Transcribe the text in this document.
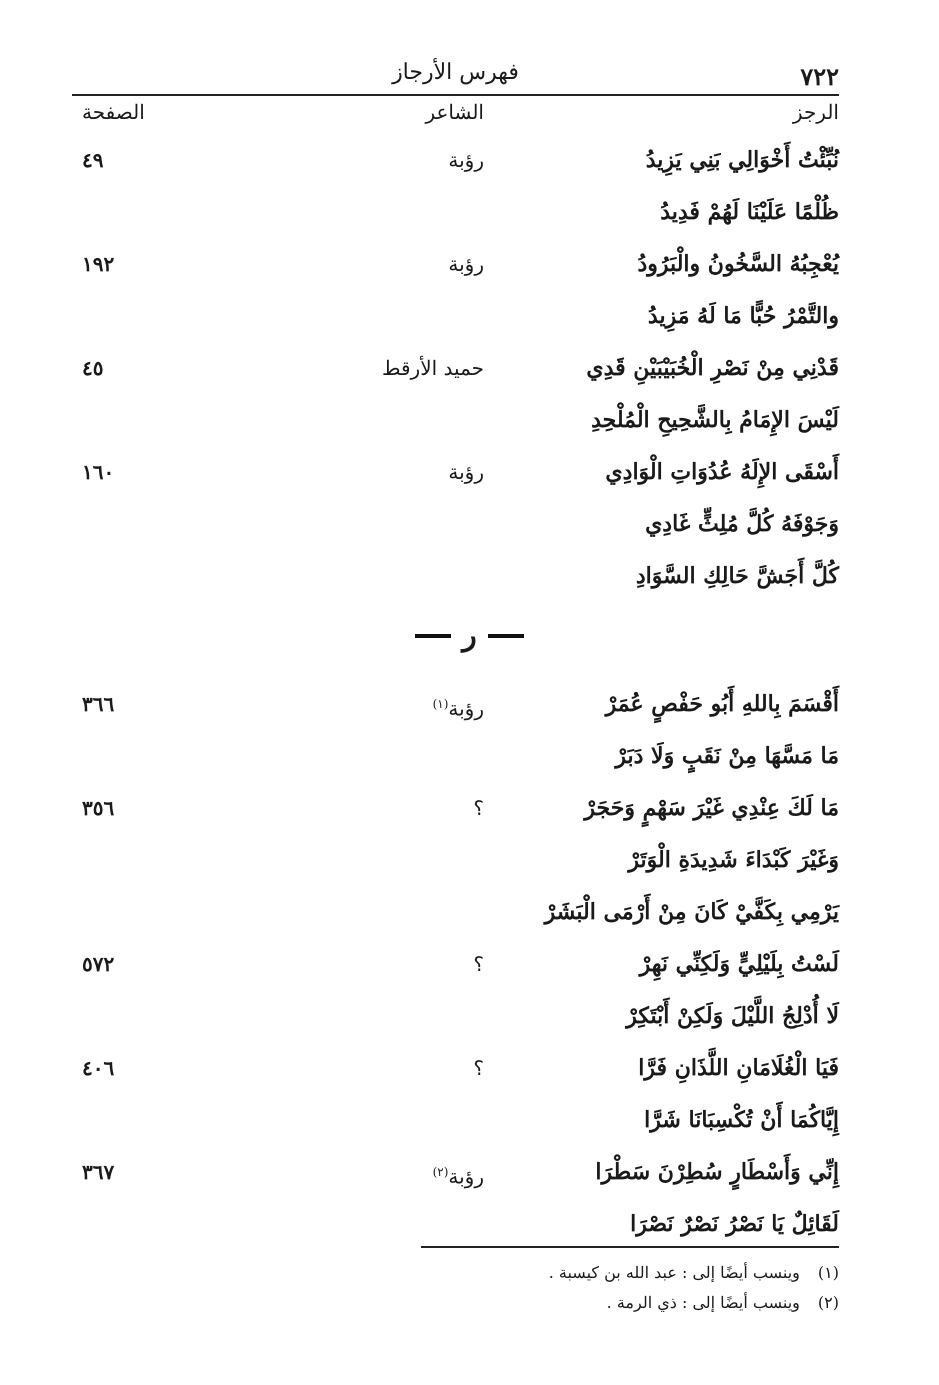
٧٢٢
فهرس الأرجاز
الرجز
الشاعر
الصفحة
نُبِّئْتُ أَخْوَالِي بَنِي يَزِيدُ
رؤبة
٤٩
ظُلْمًا عَلَيْنَا لَهُمْ فَدِيدُ
يُعْجِبُهُ السَّخُونُ والْبَرُودُ
رؤبة
١٩٢
والتَّمْرُ حُبًّا مَا لَهُ مَزِيدُ
قَدْنِي مِنْ نَصْرِ الْخُبَيْبَيْنِ قَدِي
حميد الأرقط
٤٥
لَيْسَ الإِمَامُ بِالشَّحِيحِ الْمُلْحِدِ
أَسْقَى الإِلَهُ عُدُوَاتِ الْوَادِي
رؤبة
١٦٠
وَجَوْفَهُ كُلَّ مُلِثٍّ غَادِي
كُلَّ أَجَشَّ حَالِكِ السَّوَادِ
ر
أَقْسَمَ بِاللهِ أَبُو حَفْصٍ عُمَرْ
رؤبة$^{(١)}$
٣٦٦
مَا مَسَّهَا مِنْ نَقَبٍ وَلَا دَبَرْ
مَا لَكَ عِنْدِي غَيْرَ سَهْمٍ وَحَجَرْ
؟
٣٥٦
وَغَيْرَ كَبْدَاءَ شَدِيدَةِ الْوَتَرْ
يَرْمِي بِكَفَّيْ كَانَ مِنْ أَرْمَى الْبَشَرْ
لَسْتُ بِلَيْلِيٍّ وَلَكِنِّي نَهِرْ
؟
٥٧٢
لَا أُدْلِجُ اللَّيْلَ وَلَكِنْ أَبْتَكِرْ
فَيَا الْغُلَامَانِ اللَّذَانِ فَرَّا
؟
٤٠٦
إِيَّاكُمَا أَنْ تُكْسِبَانَا شَرَّا
إِنِّي وَأَسْطَارٍ سُطِرْنَ سَطْرَا
رؤبة$^{(٢)}$
٣٦٧
لَقَائِلٌ يَا نَصْرُ نَصْرٌ نَصْرَا
(١) وينسب أيضًا إلى : عبد الله بن كيسبة .
(٢) وينسب أيضًا إلى : ذي الرمة .
